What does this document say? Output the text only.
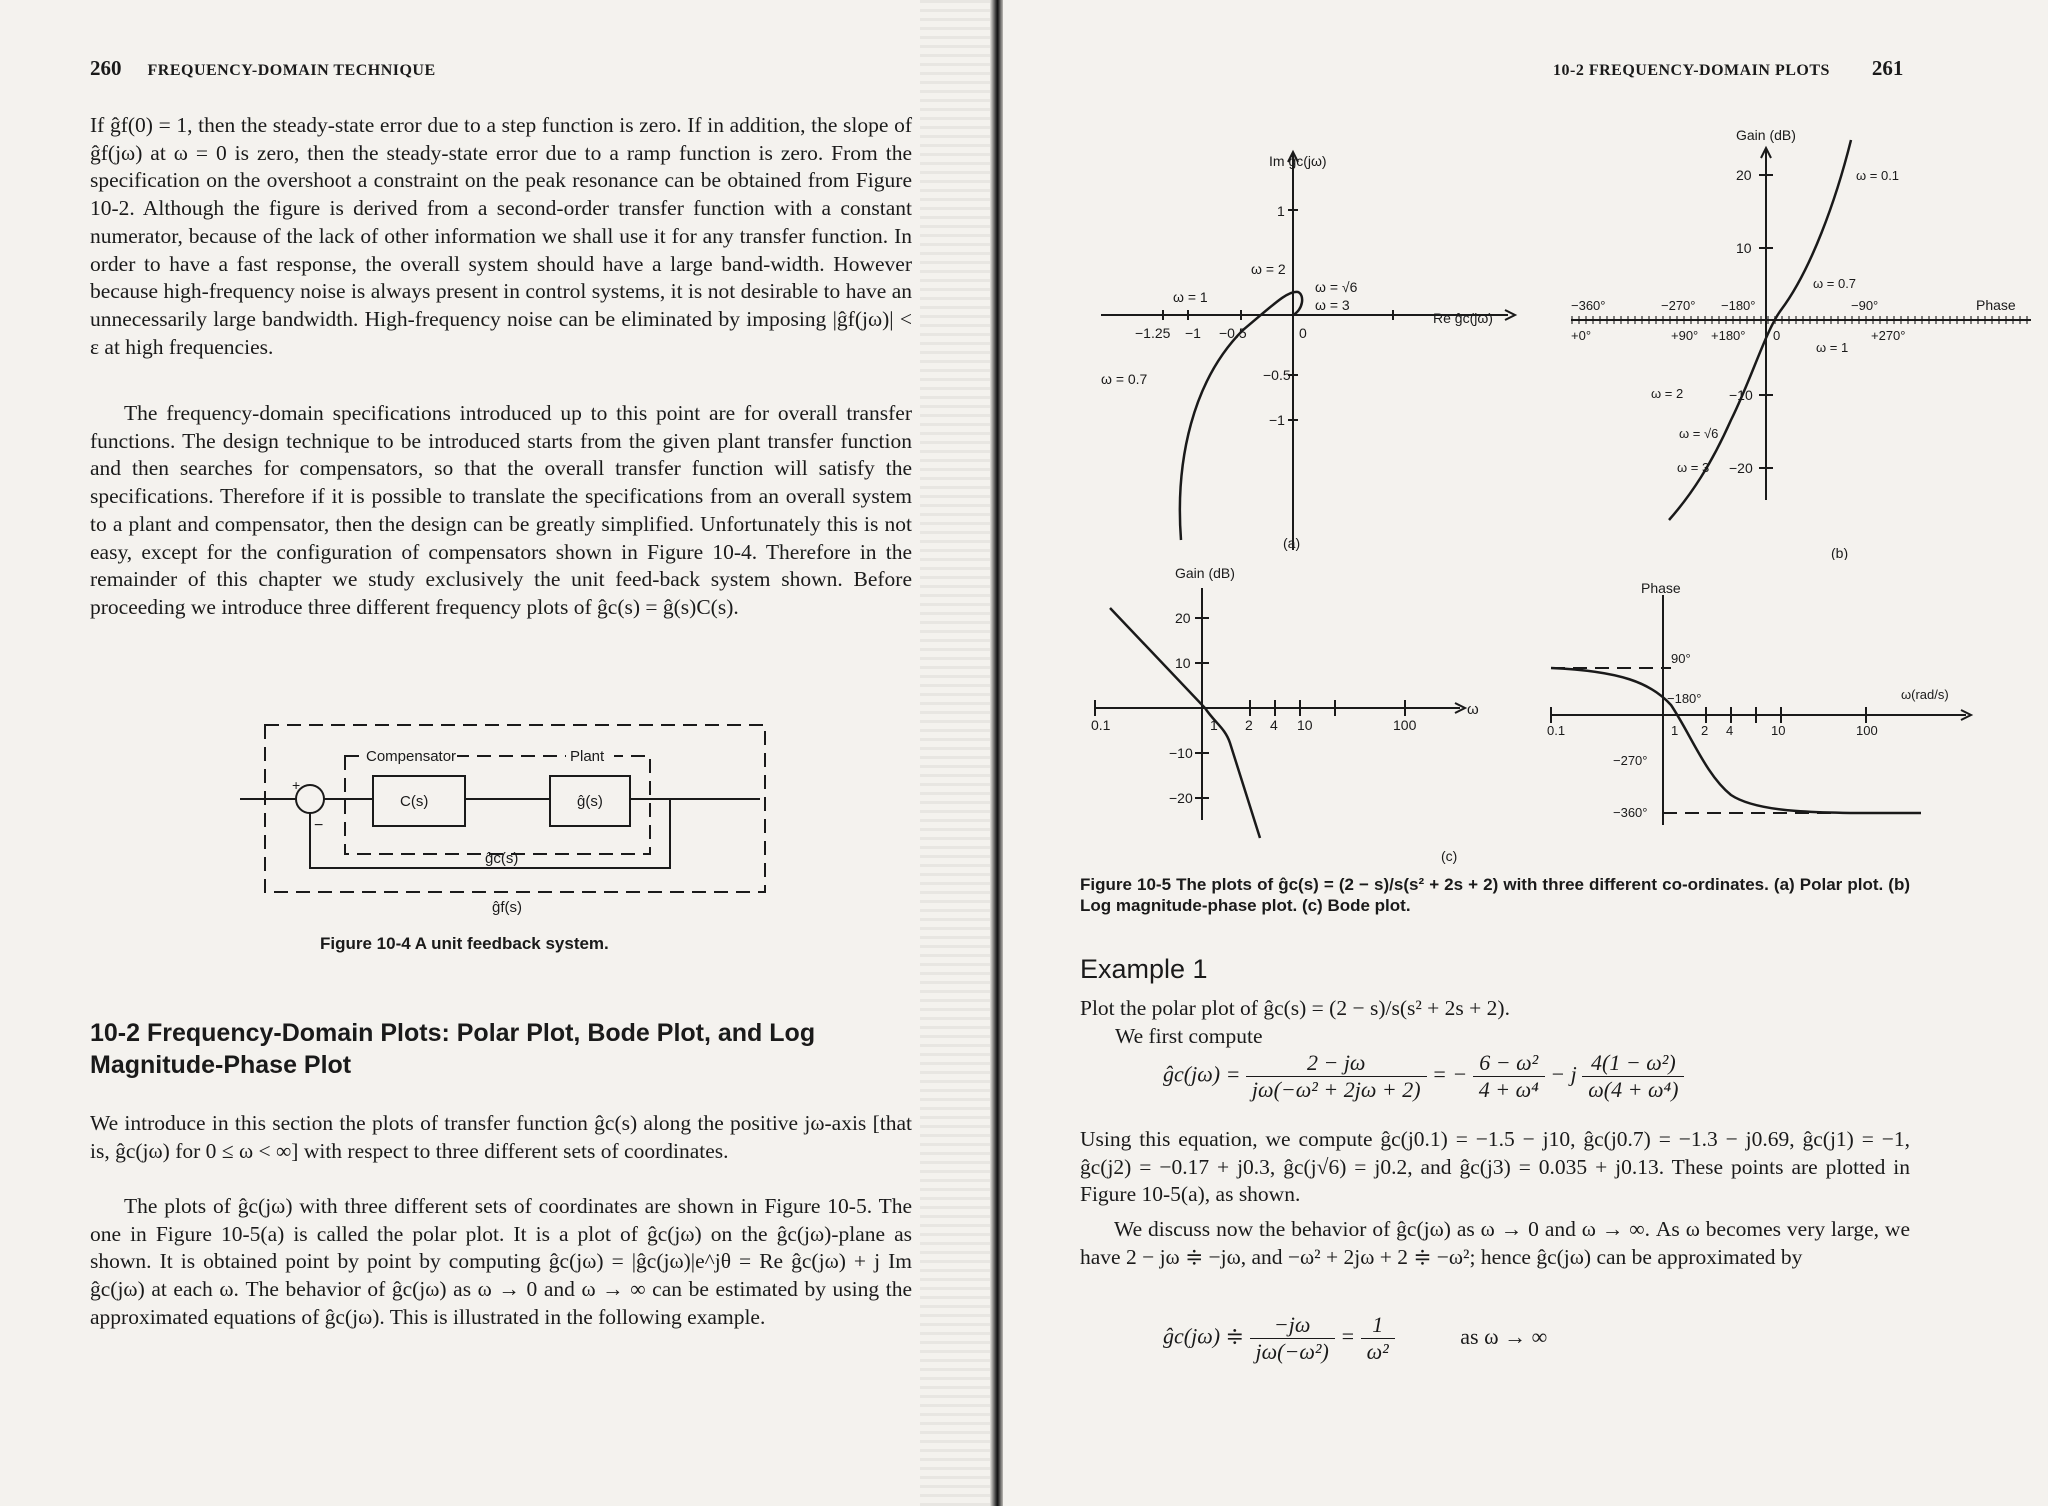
260 FREQUENCY-DOMAIN TECHNIQUE

If ĝf(0) = 1, then the steady-state error due to a step function is zero. If in addition, the slope of ĝf(jω) at ω = 0 is zero, then the steady-state error due to a ramp function is zero. From the specification on the overshoot a constraint on the peak resonance can be obtained from Figure 10-2. Although the figure is derived from a second-order transfer function with a constant numerator, because of the lack of other information we shall use it for any transfer function. In order to have a fast response, the overall system should have a large band-width. However because high-frequency noise is always present in control systems, it is not desirable to have an unnecessarily large bandwidth. High-frequency noise can be eliminated by imposing |ĝf(jω)| < ε at high frequencies.

The frequency-domain specifications introduced up to this point are for overall transfer functions. The design technique to be introduced starts from the given plant transfer function and then searches for compensators, so that the overall transfer function will satisfy the specifications. Therefore if it is possible to translate the specifications from an overall system to a plant and compensator, then the design can be greatly simplified. Unfortunately this is not easy, except for the configuration of compensators shown in Figure 10-4. Therefore in the remainder of this chapter we study exclusively the unit feed-back system shown. Before proceeding we introduce three different frequency plots of ĝc(s) = ĝ(s)C(s).

+
−
Compensator	Plant
C(s)	ĝ(s)
ĝc(s)
ĝf(s)
Figure 10-4 A unit feedback system.
10-2 Frequency-Domain Plots: Polar Plot, Bode Plot, and Log Magnitude-Phase Plot

We introduce in this section the plots of transfer function ĝc(s) along the positive jω-axis [that is, ĝc(jω) for 0 ≤ ω < ∞] with respect to three different sets of coordinates.

The plots of ĝc(jω) with three different sets of coordinates are shown in Figure 10-5. The one in Figure 10-5(a) is called the polar plot. It is a plot of ĝc(jω) on the ĝc(jω)-plane as shown. It is obtained point by point by computing ĝc(jω) = |ĝc(jω)|e^jθ = Re ĝc(jω) + j Im ĝc(jω) at each ω. The behavior of ĝc(jω) as ω → 0 and ω → ∞ can be estimated by using the approximated equations of ĝc(jω). This is illustrated in the following example.

10-2 FREQUENCY-DOMAIN PLOTS 261
Im ĝc(jω)
Re ĝc(jω)
1
−0.5
−1
−1.25 −1 −0.5	0
ω = 2
ω = 1
ω = √6
ω = 3
ω = 0.7
(a)
Gain (dB)
Phase
20
10
−10
−20
−360°	−270° −180°	−90°
+0°	+90° +180° 0	+270°
ω = 0.1
ω = 0.7
ω = 1
ω = 2
ω = √6
ω = 3
(b)
Gain (dB)
20
10
−10
−20
0.1	1 2 4 10	100
ω
Phase
90°
−180°
−270°
−360°
0.1	1 2 4	10	100
ω(rad/s)
(c)
Figure 10-5 The plots of ĝc(s) = (2 − s)/s(s² + 2s + 2) with three different co-ordinates. (a) Polar plot. (b) Log magnitude-phase plot. (c) Bode plot.
Example 1

Plot the polar plot of ĝc(s) = (2 − s)/s(s² + 2s + 2).

We first compute

ĝc(jω) = $\frac{2 - j\omega}{\text{jω(−ω² + 2jω + 2)}}$ = − $\frac{\text{6 − ω²}}{\text{4 + ω⁴}} - j \frac{\text{4(1 − ω²)}}{\text{ω(4 + ω⁴)}}$

Using this equation, we compute ĝc(j0.1) = −1.5 − j10, ĝc(j0.7) = −1.3 − j0.69, ĝc(j1) = −1, ĝc(j2) = −0.17 + j0.3, ĝc(j√6) = j0.2, and ĝc(j3) = 0.035 + j0.13. These points are plotted in Figure 10-5(a), as shown.

We discuss now the behavior of ĝc(jω) as ω → 0 and ω → ∞. As ω becomes very large, we have 2 − jω ≑ −jω, and −ω² + 2jω + 2 ≑ −ω²; hence ĝc(jω) can be approximated by

ĝc(jω) ≑ $\frac{-j\omega}{\text{jω(−ω²)}} = \frac{1}{\text{ω²}}$	as ω → ∞
